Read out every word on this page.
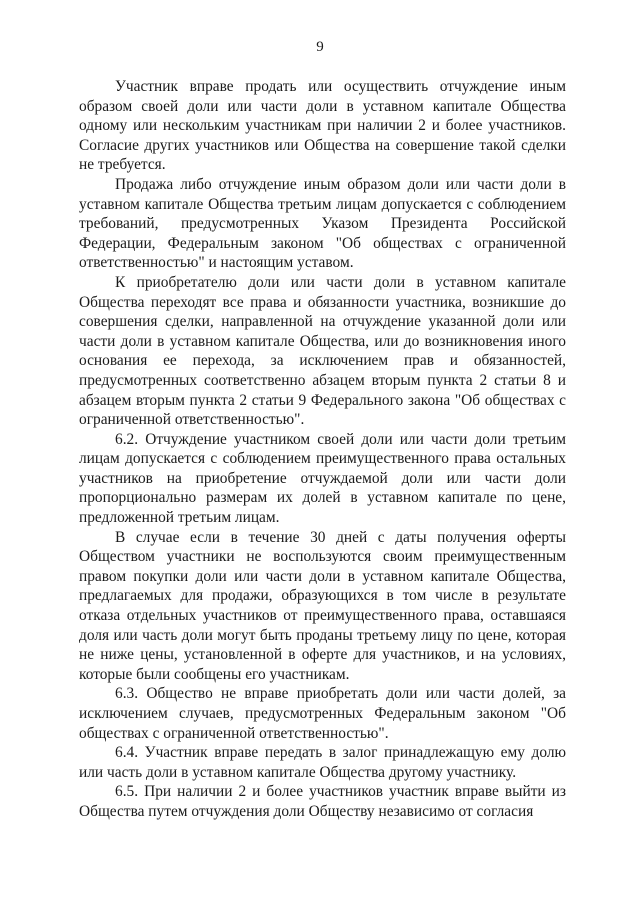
9

Участник вправе продать или осуществить отчуждение иным образом своей доли или части доли в уставном капитале Общества одному или нескольким участникам при наличии 2 и более участников. Согласие других участников или Общества на совершение такой сделки не требуется.

Продажа либо отчуждение иным образом доли или части доли в уставном капитале Общества третьим лицам допускается с соблюдением требований, предусмотренных Указом Президента Российской Федерации, Федеральным законом "Об обществах с ограниченной ответственностью" и настоящим уставом.

К приобретателю доли или части доли в уставном капитале Общества переходят все права и обязанности участника, возникшие до совершения сделки, направленной на отчуждение указанной доли или части доли в уставном капитале Общества, или до возникновения иного основания ее перехода, за исключением прав и обязанностей, предусмотренных соответственно абзацем вторым пункта 2 статьи 8 и абзацем вторым пункта 2 статьи 9 Федерального закона "Об обществах с ограниченной ответственностью".

6.2. Отчуждение участником своей доли или части доли третьим лицам допускается с соблюдением преимущественного права остальных участников на приобретение отчуждаемой доли или части доли пропорционально размерам их долей в уставном капитале по цене, предложенной третьим лицам.

В случае если в течение 30 дней с даты получения оферты Обществом участники не воспользуются своим преимущественным правом покупки доли или части доли в уставном капитале Общества, предлагаемых для продажи, образующихся в том числе в результате отказа отдельных участников от преимущественного права, оставшаяся доля или часть доли могут быть проданы третьему лицу по цене, которая не ниже цены, установленной в оферте для участников, и на условиях, которые были сообщены его участникам.

6.3. Общество не вправе приобретать доли или части долей, за исключением случаев, предусмотренных Федеральным законом "Об обществах с ограниченной ответственностью".

6.4. Участник вправе передать в залог принадлежащую ему долю или часть доли в уставном капитале Общества другому участнику.

6.5. При наличии 2 и более участников участник вправе выйти из Общества путем отчуждения доли Обществу независимо от согласия
